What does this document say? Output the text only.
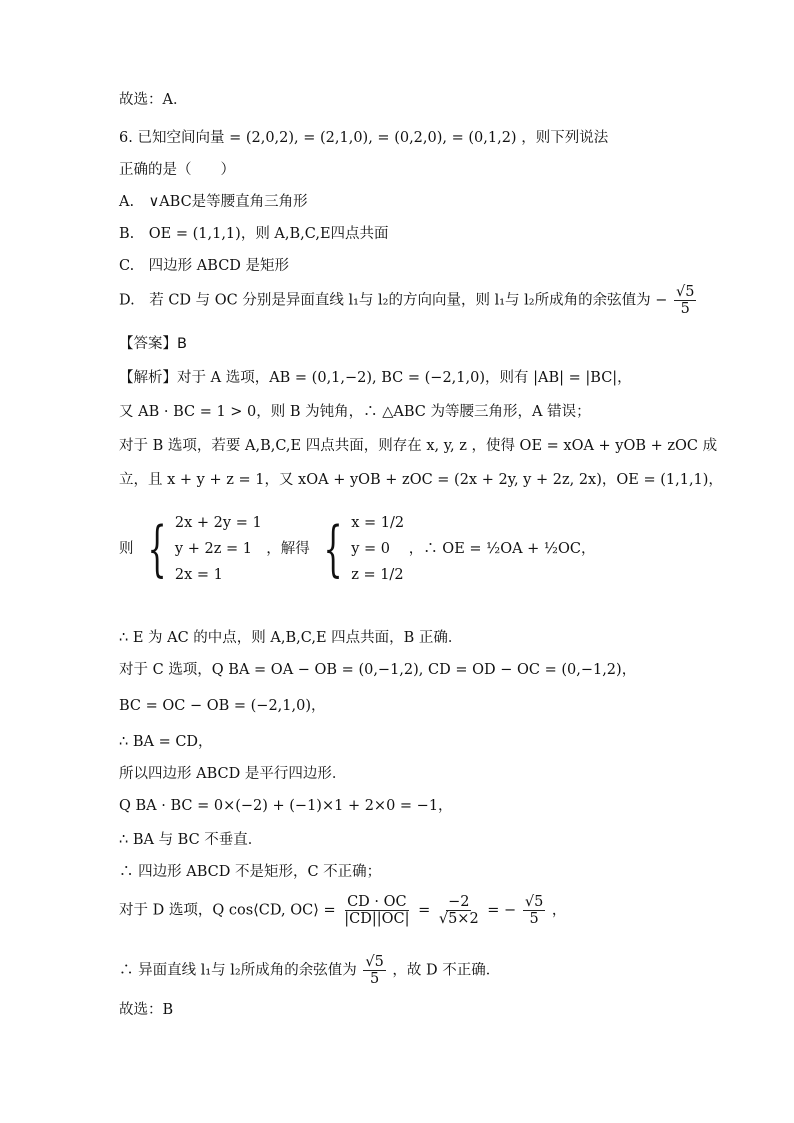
故选：A．
6. 已知空间向量 = (2,0,2), = (2,1,0), = (0,2,0), = (0,1,2) ，则下列说法
正确的是（　　）
A.　∨ABC是等腰直角三角形
B.　OE = (1,1,1)，则 A,B,C,E四点共面
C.　四边形 ABCD 是矩形
D.　若 CD 与 OC 分别是异面直线 l₁与 l₂的方向向量，则 l₁与 l₂所成角的余弦值为 − $\frac{√5}{5}$
【答案】B
【解析】对于 A 选项，AB = (0,1,−2), BC = (−2,1,0)，则有 |AB| = |BC|，
又 AB · BC = 1 > 0，则 B 为钝角，∴ △ABC 为等腰三角形，A 错误；
对于 B 选项，若要 A,B,C,E 四点共面，则存在 x, y, z ，使得 OE = xOA + yOB + zOC 成
立，且 x + y + z = 1，又 xOA + yOB + zOC = (2x + 2y, y + 2z, 2x)，OE = (1,1,1)，
则 { 2x + 2y = 1
y + 2z = 1
2x = 1
，解得 { x = 1/2
y = 0
z = 1/2
，∴ OE = ½OA + ½OC，
∴ E 为 AC 的中点，则 A,B,C,E 四点共面，B 正确．
对于 C 选项，Q BA = OA − OB = (0,−1,2), CD = OD − OC = (0,−1,2)，
BC = OC − OB = (−2,1,0)，
∴ BA = CD，
所以四边形 ABCD 是平行四边形．
Q BA · BC = 0×(−2) + (−1)×1 + 2×0 = −1，
∴ BA 与 BC 不垂直．
∴ 四边形 ABCD 不是矩形，C 不正确；
对于 D 选项，Q cos⟨CD, OC⟩ = $\frac{CD \cdot OC}{|CD||OC|} = \frac{-2}{√5\times 2}$ = − $\frac{√5}{5}$ ，
∴ 异面直线 l₁与 l₂所成角的余弦值为 $\frac{√5}{5}$ ，故 D 不正确．
故选：B
